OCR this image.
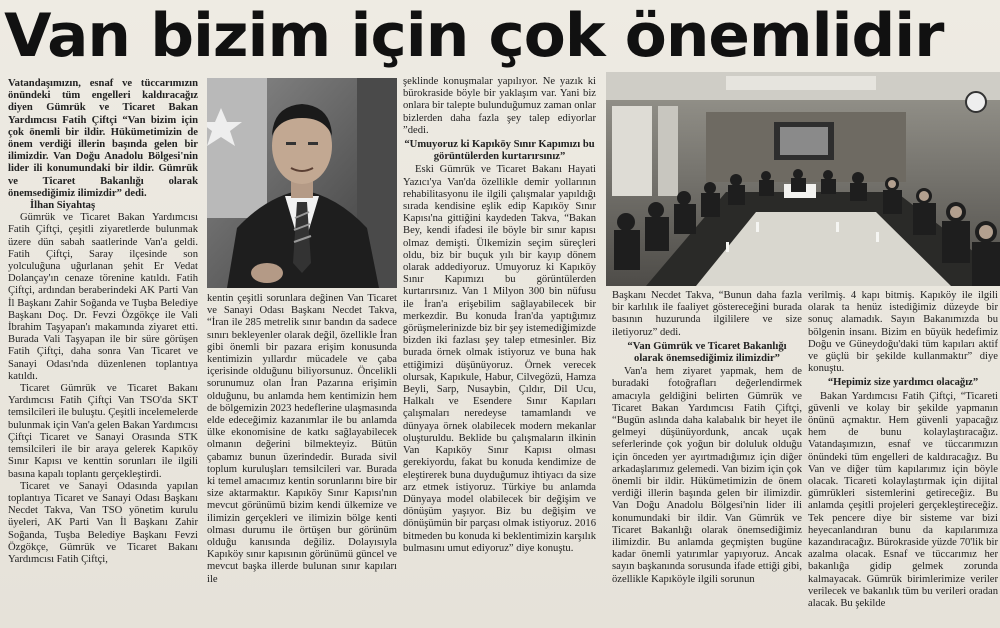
Van bizim için çok önemlidir

Vatandaşımızın, esnaf ve tüccarımızın önündeki tüm engelleri kaldıracağız diyen Gümrük ve Ticaret Bakan Yardımcısı Fatih Çiftçi “Van bizim için çok önemli bir ildir. Hükümetimizin de önem verdiği illerin başında gelen bir ilimizdir. Van Doğu Anadolu Bölgesi'nin lider ili konumundaki bir ildir. Gümrük ve Ticaret Bakanlığı olarak önemsediğimiz ilimizdir” dedi.

İlhan Siyahtaş

Gümrük ve Ticaret Bakan Yardımcısı Fatih Çiftçi, çeşitli ziyaretlerde bulunmak üzere dün sabah saatlerinde Van'a geldi. Fatih Çiftçi, Saray ilçesinde son yolculuğuna uğurlanan şehit Er Vedat Dolançay'ın cenaze törenine katıldı. Fatih Çiftçi, ardından beraberindeki AK Parti Van İl Başkanı Zahir Soğanda ve Tuşba Belediye Başkanı Doç. Dr. Fevzi Özgökçe ile Vali İbrahim Taşyapan'ı makamında ziyaret etti. Burada Vali Taşyapan ile bir süre görüşen Fatih Çiftçi, daha sonra Van Ticaret ve Sanayi Odası'nda düzenlenen toplantıya katıldı.

Ticaret Gümrük ve Ticaret Bakanı Yardımcısı Fatih Çiftçi Van TSO'da SKT temsilcileri ile buluştu. Çeşitli incelemelerde bulunmak için Van'a gelen Bakan Yardımcısı Çiftçi Ticaret ve Sanayi Orasında STK temsilcileri ile bir araya gelerek Kapıköy Sınır Kapısı ve kenttin sorunları ile ilgili basına kapalı toplantı gerçekleştirdi.

Ticaret ve Sanayi Odasında yapılan toplantıya Ticaret ve Sanayi Odası Başkanı Necdet Takva, Van TSO yönetim kurulu üyeleri, AK Parti Van İl Başkanı Zahir Soğanda, Tuşba Belediye Başkanı Fevzi Özgökçe, Gümrük ve Ticaret Bakanı Yardımcısı Fatih Çiftçi,

kentin çeşitli sorunlara değinen Van Ticaret ve Sanayi Odası Başkanı Necdet Takva, “İran ile 285 metrelik sınır bandın da sadece sınırı bekleyenler olarak değil, özellikle İran gibi önemli bir pazara erişim konusunda kentimizin yıllardır mücadele ve çaba içerisinde olduğunu biliyorsunuz. Öncelikli sorunumuz olan İran Pazarına erişimin olduğunu, bu anlamda hem kentimizin hem de bölgemizin 2023 hedeflerine ulaşmasında elde edeceğimiz kazanımlar ile bu anlamda ülke ekonomisine de katkı sağlayabilecek olmanın değerini bilmekteyiz. Bütün çabamız bunun üzerindedir. Burada sivil toplum kuruluşları temsilcileri var. Burada ki temel amacımız kentin sorunlarını bire bir size aktarmaktır. Kapıköy Sınır Kapısı'nın mevcut görünümü bizim kendi ülkemize ve ilimizin gerçekleri ve ilimizin bölge kenti olması durumu ile örtüşen bur görünüm olduğu kanısında değiliz. Dolayısıyla Kapıköy sınır kapısının görünümü güncel ve mevcut başka illerde bulunan sınır kapıları ile

şeklinde konuşmalar yapılıyor. Ne yazık ki bürokraside böyle bir yaklaşım var. Yani biz onlara bir talepte bulunduğumuz zaman onlar bizlerden daha fazla şey talep ediyorlar ”dedi.

“Umuyoruz ki Kapıköy Sınır Kapımızı bu görüntülerden kurtarırsınız”

Eski Gümrük ve Ticaret Bakanı Hayati Yazıcı'ya Van'da özellikle demir yollarının rehabilitasyonu ile ilgili çalışmalar yapıldığı sırada kendisine eşlik edip Kapıköy Sınır Kapısı'na gittiğini kaydeden Takva, “Bakan Bey, kendi ifadesi ile böyle bir sınır kapısı olmaz demişti. Ülkemizin seçim süreçleri oldu, biz bir buçuk yılı bir kayıp dönem olarak addediyoruz. Umuyoruz ki Kapıköy Sınır Kapımızı bu görüntülerden kurtarırsınız. Van 1 Milyon 300 bin nüfusu ile İran'a erişebilim sağlayabilecek bir merkezdir. Bu konuda İran'da yaptığımız görüşmelerinizde biz bir şey istemediğimizde bizden iki fazlası şey talep etmesinler. Biz burada örnek olmak istiyoruz ve buna hak ettiğimizi düşünüyoruz. Örnek verecek olursak, Kapıkule, Habur, Cilvegözü, Hamza Beyli, Sarp, Nusaybin, Çıldır, Dil Ucu, Halkalı ve Esendere Sınır Kapıları çalışmaları neredeyse tamamlandı ve dünyaya örnek olabilecek modern mekanlar oluşturuldu. Beklide bu çalışmaların ilkinin Van Kapıköy Sınır Kapısı olması gerekiyordu, fakat bu konuda kendimize de eleştirerek buna duyduğumuz ihtiyacı da size arz etmek istiyoruz. Türkiye bu anlamda Dünyaya model olabilecek bir değişim ve dönüşüm yaşıyor. Biz bu değişim ve dönüşümün bir parçası olmak istiyoruz. 2016 bitmeden bu konuda ki beklentimizin karşılık bulmasını umut ediyoruz” diye konuştu.

Başkanı Necdet Takva, “Bunun daha fazla bir karlılık ile faaliyet göstereceğini burada basının huzurunda ilgililere ve size iletiyoruz” dedi.

“Van Gümrük ve Ticaret Bakanlığı olarak önemsediğimiz ilimizdir”

Van'a hem ziyaret yapmak, hem de buradaki fotoğrafları değerlendirmek amacıyla geldiğini belirten Gümrük ve Ticaret Bakan Yardımcısı Fatih Çiftçi, “Bugün aslında daha kalabalık bir heyet ile gelmeyi düşünüyordunk, ancak uçak seferlerinde çok yoğun bir doluluk olduğu için önceden yer ayırtmadığımız için diğer arkadaşlarımız gelemedi. Van bizim için çok önemli bir ildir. Hükümetimizin de önem verdiği illerin başında gelen bir ilimizdir. Van Doğu Anadolu Bölgesi'nin lider ili konumundaki bir ildir. Van Gümrük ve Ticaret Bakanlığı olarak önemsediğimiz ilimizdir. Bu anlamda geçmişten bugüne kadar önemli yatırımlar yapıyoruz. Ancak sayın başkanında sorusunda ifade ettiği gibi, özellikle Kapıköyle ilgili sorunun

verilmiş. 4 kapı bitmiş. Kapıköy ile ilgili olarak ta henüz istediğimiz düzeyde bir sonuç alamadık. Sayın Bakanımızda bu bölgenin insanı. Bizim en büyük hedefimiz Doğu ve Güneydoğu'daki tüm kapıları aktif ve güçlü bir şekilde kullanmaktır” diye konuştu.

“Hepimiz size yardımcı olacağız”

Bakan Yardımcısı Fatih Çiftçi, “Ticareti güvenli ve kolay bir şekilde yapmanın önünü açmaktır. Hem güvenli yapacağız hem de bunu kolaylaştıracağız. Vatandaşımızın, esnaf ve tüccarımızın önündeki tüm engelleri de kaldıracağız. Bu Van ve diğer tüm kapılarımız için böyle olacak. Ticareti kolaylaştırmak için dijital gümrükleri sistemlerini getireceğiz. Bu anlamda çeşitli projeleri gerçekleştireceğiz. Tek pencere diye bir sisteme var bizi heyecanlandıran bunu da kapılarımıza kazandıracağız. Bürokraside yüzde 70'lik bir azalma olacak. Esnaf ve tüccarımız her bakanlığa gidip gelmek zorunda kalmayacak. Gümrük birimlerimize veriler verilecek ve bakanlık tüm bu verileri oradan alacak. Bu şekilde
